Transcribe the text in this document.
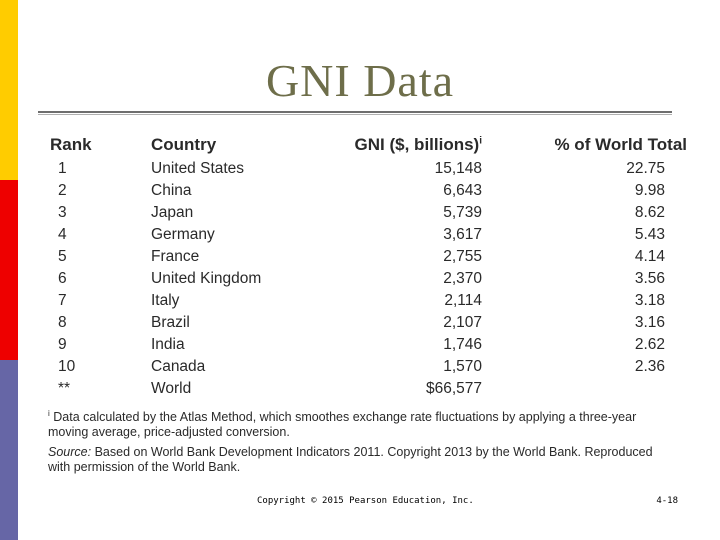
GNI Data
Rank	Country	GNI ($, billions)$^i$	% of World Total
1	United States	15,148	22.75
2	China	6,643	9.98
3	Japan	5,739	8.62
4	Germany	3,617	5.43
5	France	2,755	4.14
6	United Kingdom	2,370	3.56
7	Italy	2,114	3.18
8	Brazil	2,107	3.16
9	India	1,746	2.62
10	Canada	1,570	2.36
**	World	$66,577	

$^i$ Data calculated by the Atlas Method, which smoothes exchange rate fluctuations by applying a three-year moving average, price-adjusted conversion.

Source: Based on World Bank Development Indicators 2011. Copyright 2013 by the World Bank. Reproduced with permission of the World Bank.

Copyright © 2015 Pearson Education, Inc.	4-18
